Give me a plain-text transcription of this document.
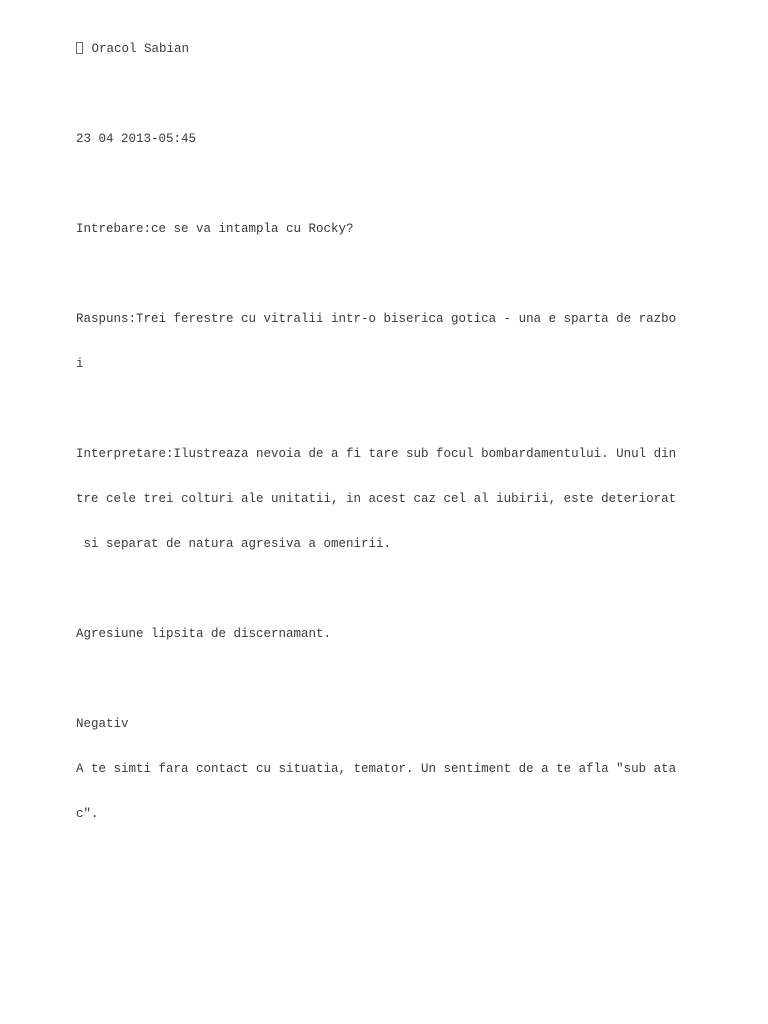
Oracol Sabian

23 04 2013-05:45

Intrebare:ce se va intampla cu Rocky?

Raspuns:Trei ferestre cu vitralii intr-o biserica gotica - una e sparta de razbo

i

Interpretare:Ilustreaza nevoia de a fi tare sub focul bombardamentului. Unul din

tre cele trei colturi ale unitatii, in acest caz cel al iubirii, este deteriorat

si separat de natura agresiva a omenirii.

Agresiune lipsita de discernamant.

Negativ

A te simti fara contact cu situatia, temator. Un sentiment de a te afla "sub ata

c".
